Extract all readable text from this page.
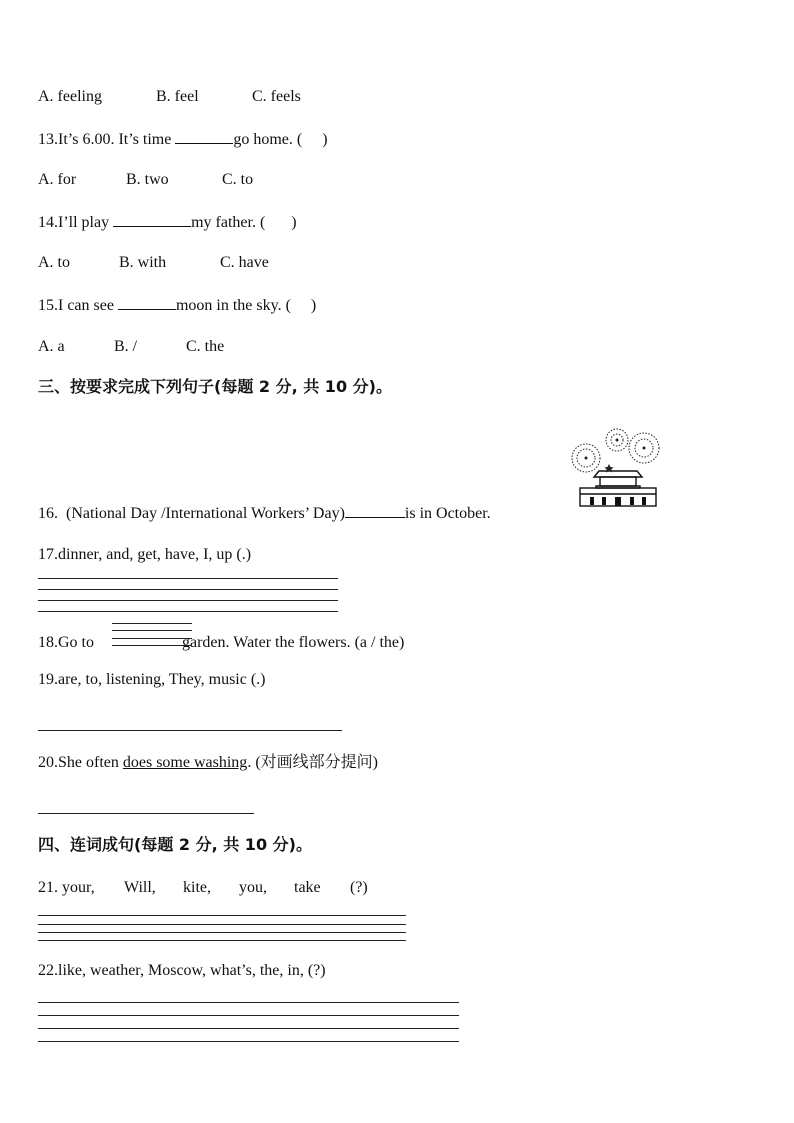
A. feeling	B. feel	C. feels
13.It’s 6.00. It’s time	go home. ( )
A. for	B. two	C. to
14.I’ll play	my father. ( )
A. to	B. with	C. have
15.I can see	moon in the sky. ( )
A. a	B. /	C. the
三、按要求完成下列句子(每题 2 分, 共 10 分)。
16. (National Day /International Workers’ Day)	is in October.
17.dinner, and, get, have, I, up (.)
18.Go to	garden. Water the flowers. (a / the)
19.are, to, listening, They, music (.)
20.She often does some washing. (对画线部分提问)
四、连词成句(每题 2 分, 共 10 分)。
21. your, Will, kite, you, take (?)
22.like, weather, Moscow, what’s, the, in, (?)
